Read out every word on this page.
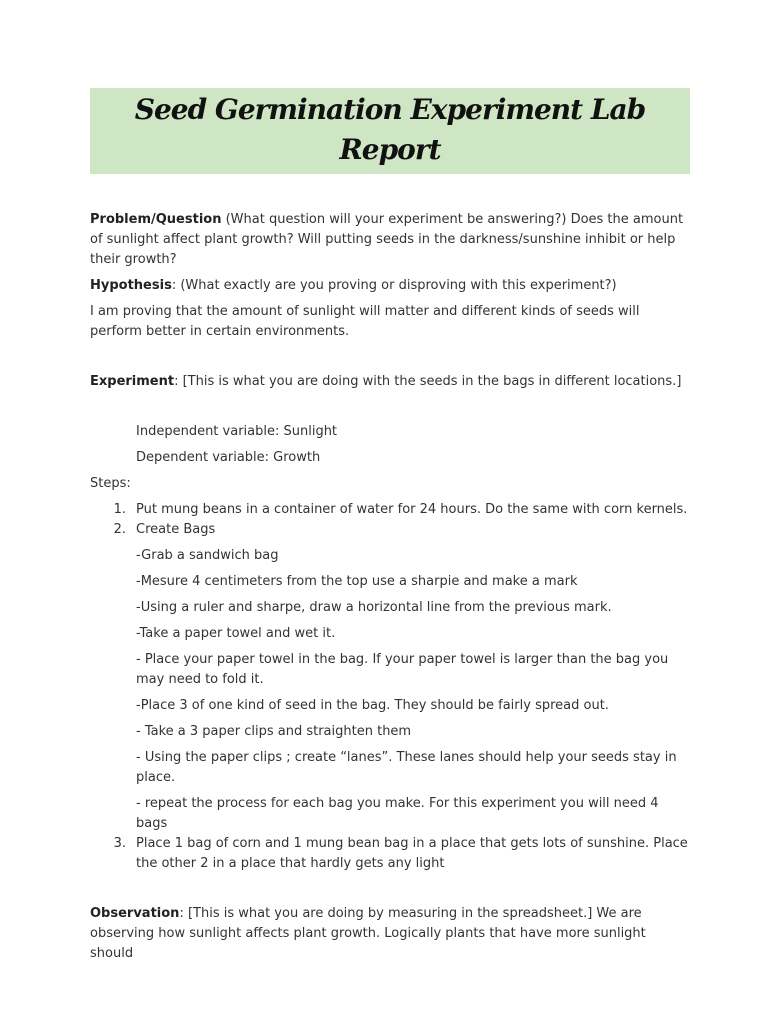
Seed Germination Experiment Lab Report

Problem/Question (What question will your experiment be answering?) Does the amount of sunlight affect plant growth? Will putting seeds in the darkness/sunshine inhibit or help their growth?

Hypothesis: (What exactly are you proving or disproving with this experiment?)

I am proving that the amount of sunlight will matter and different kinds of seeds will perform better in certain environments.

Experiment: [This is what you are doing with the seeds in the bags in different locations.]

Independent variable: Sunlight

Dependent variable: Growth

Steps:

1. Put mung beans in a container of water for 24 hours. Do the same with corn kernels.
2. Create Bags

-Grab a sandwich bag

-Mesure 4 centimeters from the top use a sharpie and make a mark

-Using a ruler and sharpe, draw a horizontal line from the previous mark.

-Take a paper towel and wet it.

- Place your paper towel in the bag. If your paper towel is larger than the bag you may need to fold it.

-Place 3 of one kind of seed in the bag. They should be fairly spread out.

- Take a 3 paper clips and straighten them

- Using the paper clips ; create “lanes”. These lanes should help your seeds stay in place.

- repeat the process for each bag you make. For this experiment you will need 4 bags

3. Place 1 bag of corn and 1 mung bean bag in a place that gets lots of sunshine. Place the other 2 in a place that hardly gets any light

Observation: [This is what you are doing by measuring in the spreadsheet.] We are observing how sunlight affects plant growth. Logically plants that have more sunlight should
